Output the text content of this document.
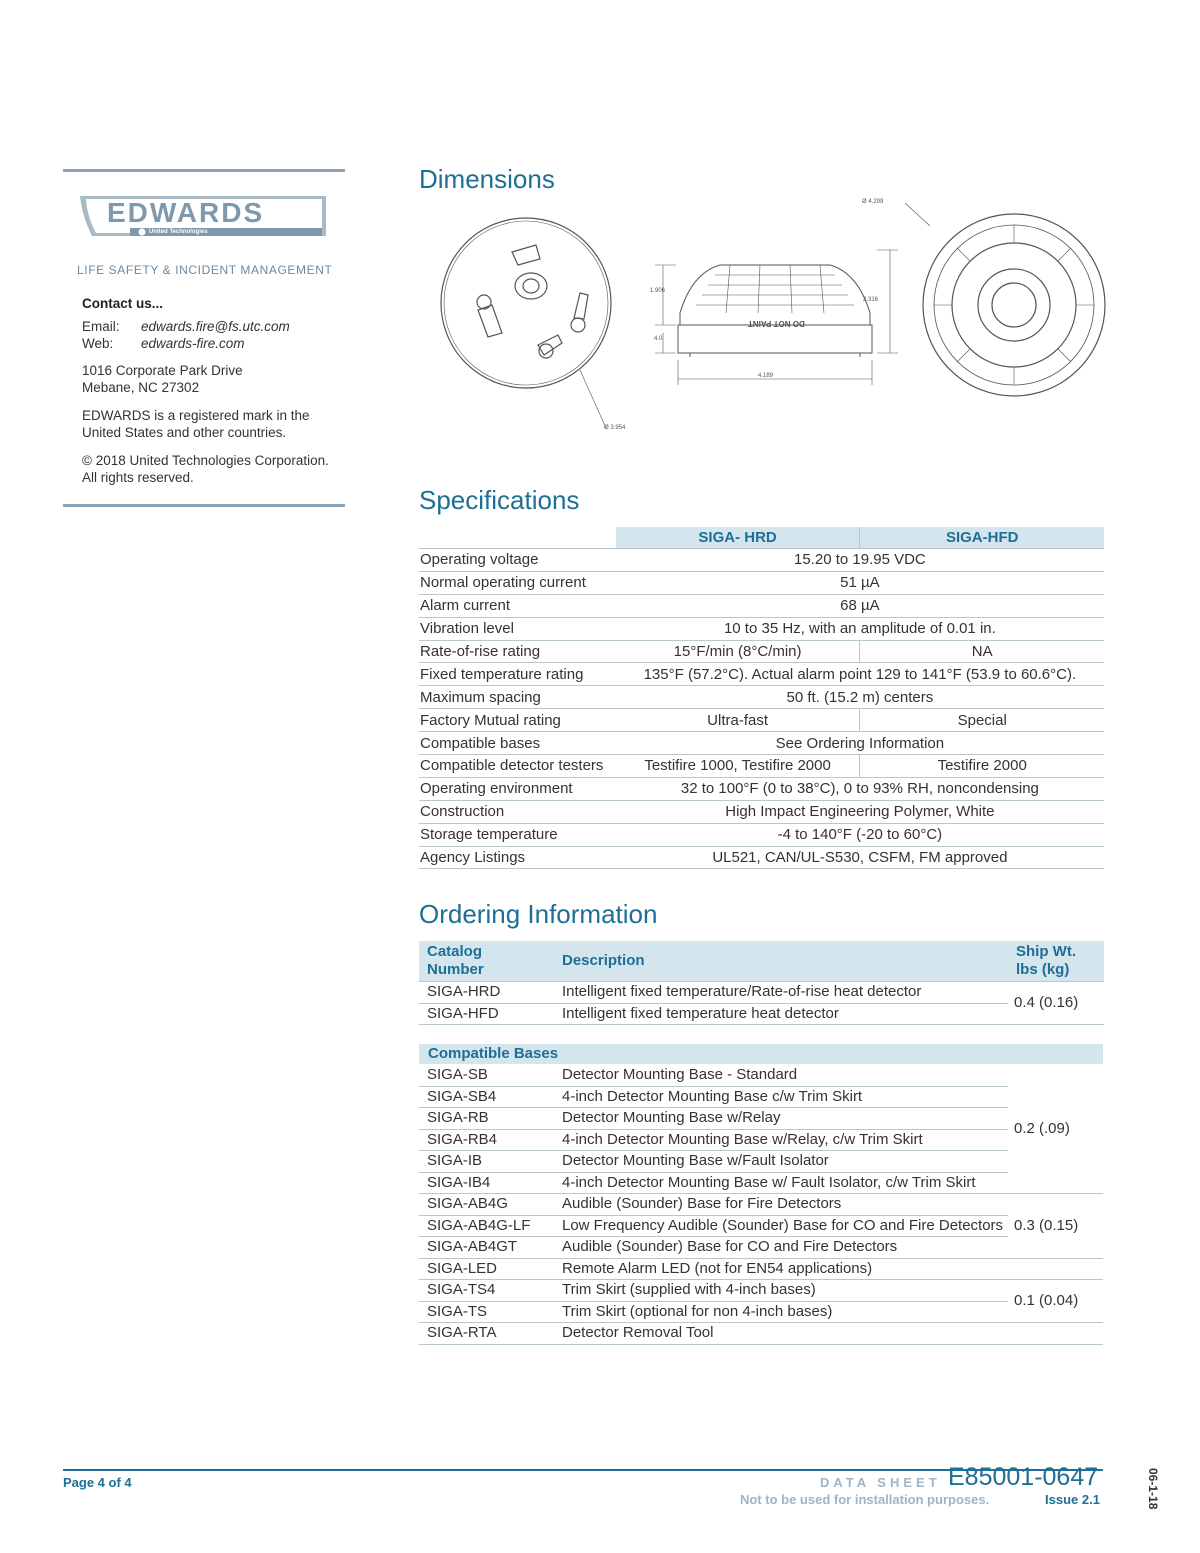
EDWARDS
United Technologies
LIFE SAFETY & INCIDENT MANAGEMENT
Contact us...
Email: edwards.fire@fs.utc.com
Web: edwards-fire.com
1016 Corporate Park Drive
Mebane, NC 27302
EDWARDS is a registered mark in the
United States and other countries.
© 2018 United Technologies Corporation.
All rights reserved.
Dimensions
Ø 4.299
Ø 3.954
1.906
2.316
4.0
4.189
DO NOT PAINT
Specifications
	SIGA- HRD	SIGA-HFD
Operating voltage	15.20 to 19.95 VDC	
Normal operating current	51 µA	
Alarm current	68 µA	
Vibration level	10 to 35 Hz, with an amplitude of 0.01 in.	
Rate-of-rise rating	15°F/min (8°C/min)	NA
Fixed temperature rating	135°F (57.2°C). Actual alarm point 129 to 141°F (53.9 to 60.6°C).	
Maximum spacing	50 ft. (15.2 m) centers	
Factory Mutual rating	Ultra-fast	Special
Compatible bases	See Ordering Information	
Compatible detector testers	Testifire 1000, Testifire 2000	Testifire 2000
Operating environment	32 to 100°F (0 to 38°C), 0 to 93% RH, noncondensing	
Construction	High Impact Engineering Polymer, White	
Storage temperature	-4 to 140°F (-20 to 60°C)	
Agency Listings	UL521, CAN/UL-S530, CSFM, FM approved	
Ordering Information
Catalog
Number	Description	Ship Wt.
lbs (kg)
SIGA-HRD	Intelligent fixed temperature/Rate-of-rise heat detector	0.4 (0.16)
SIGA-HFD	Intelligent fixed temperature heat detector	
Compatible Bases
SIGA-SB	Detector Mounting Base - Standard	0.2 (.09)
SIGA-SB4	4-inch Detector Mounting Base c/w Trim Skirt	
SIGA-RB	Detector Mounting Base w/Relay	
SIGA-RB4	4-inch Detector Mounting Base w/Relay, c/w Trim Skirt	
SIGA-IB	Detector Mounting Base w/Fault Isolator	
SIGA-IB4	4-inch Detector Mounting Base w/ Fault Isolator, c/w Trim Skirt	
SIGA-AB4G	Audible (Sounder) Base for Fire Detectors	0.3 (0.15)
SIGA-AB4G-LF	Low Frequency Audible (Sounder) Base for CO and Fire Detectors	
SIGA-AB4GT	Audible (Sounder) Base for CO and Fire Detectors	
SIGA-LED	Remote Alarm LED (not for EN54 applications)	
SIGA-TS4	Trim Skirt (supplied with 4-inch bases)	0.1 (0.04)
SIGA-TS	Trim Skirt (optional for non 4-inch bases)	
SIGA-RTA	Detector Removal Tool	
Page 4 of 4	DATA SHEET E85001-0647
Not to be used for installation purposes.	Issue 2.1	06-1-18
